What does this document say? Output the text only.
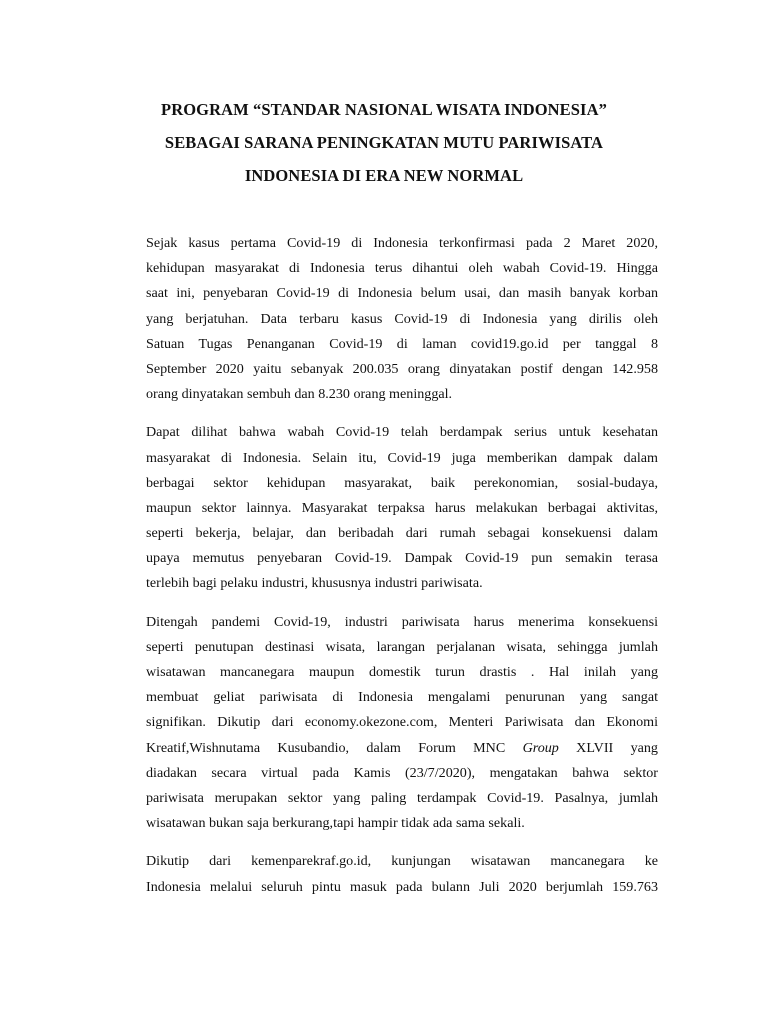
PROGRAM “STANDAR NASIONAL WISATA INDONESIA”
SEBAGAI SARANA PENINGKATAN MUTU PARIWISATA
INDONESIA DI ERA NEW NORMAL
Sejak kasus pertama Covid-19 di Indonesia terkonfirmasi pada 2 Maret 2020,
kehidupan masyarakat di Indonesia terus dihantui oleh wabah Covid-19. Hingga
saat ini, penyebaran Covid-19 di Indonesia belum usai, dan masih banyak korban
yang berjatuhan. Data terbaru kasus Covid-19 di Indonesia yang dirilis oleh
Satuan Tugas Penanganan Covid-19 di laman covid19.go.id per tanggal 8
September 2020 yaitu sebanyak 200.035 orang dinyatakan postif dengan 142.958
orang dinyatakan sembuh dan 8.230 orang meninggal.
Dapat dilihat bahwa wabah Covid-19 telah berdampak serius untuk kesehatan
masyarakat di Indonesia. Selain itu, Covid-19 juga memberikan dampak dalam
berbagai sektor kehidupan masyarakat, baik perekonomian, sosial-budaya,
maupun sektor lainnya. Masyarakat terpaksa harus melakukan berbagai aktivitas,
seperti bekerja, belajar, dan beribadah dari rumah sebagai konsekuensi dalam
upaya memutus penyebaran Covid-19. Dampak Covid-19 pun semakin terasa
terlebih bagi pelaku industri, khususnya industri pariwisata.
Ditengah pandemi Covid-19, industri pariwisata harus menerima konsekuensi
seperti penutupan destinasi wisata, larangan perjalanan wisata, sehingga jumlah
wisatawan mancanegara maupun domestik turun drastis . Hal inilah yang
membuat geliat pariwisata di Indonesia mengalami penurunan yang sangat
signifikan. Dikutip dari economy.okezone.com, Menteri Pariwisata dan Ekonomi
Kreatif,Wishnutama Kusubandio, dalam Forum MNC Group XLVII yang
diadakan secara virtual pada Kamis (23/7/2020), mengatakan bahwa sektor
pariwisata merupakan sektor yang paling terdampak Covid-19. Pasalnya, jumlah
wisatawan bukan saja berkurang,tapi hampir tidak ada sama sekali.
Dikutip dari kemenparekraf.go.id, kunjungan wisatawan mancanegara ke
Indonesia melalui seluruh pintu masuk pada bulann Juli 2020 berjumlah 159.763
